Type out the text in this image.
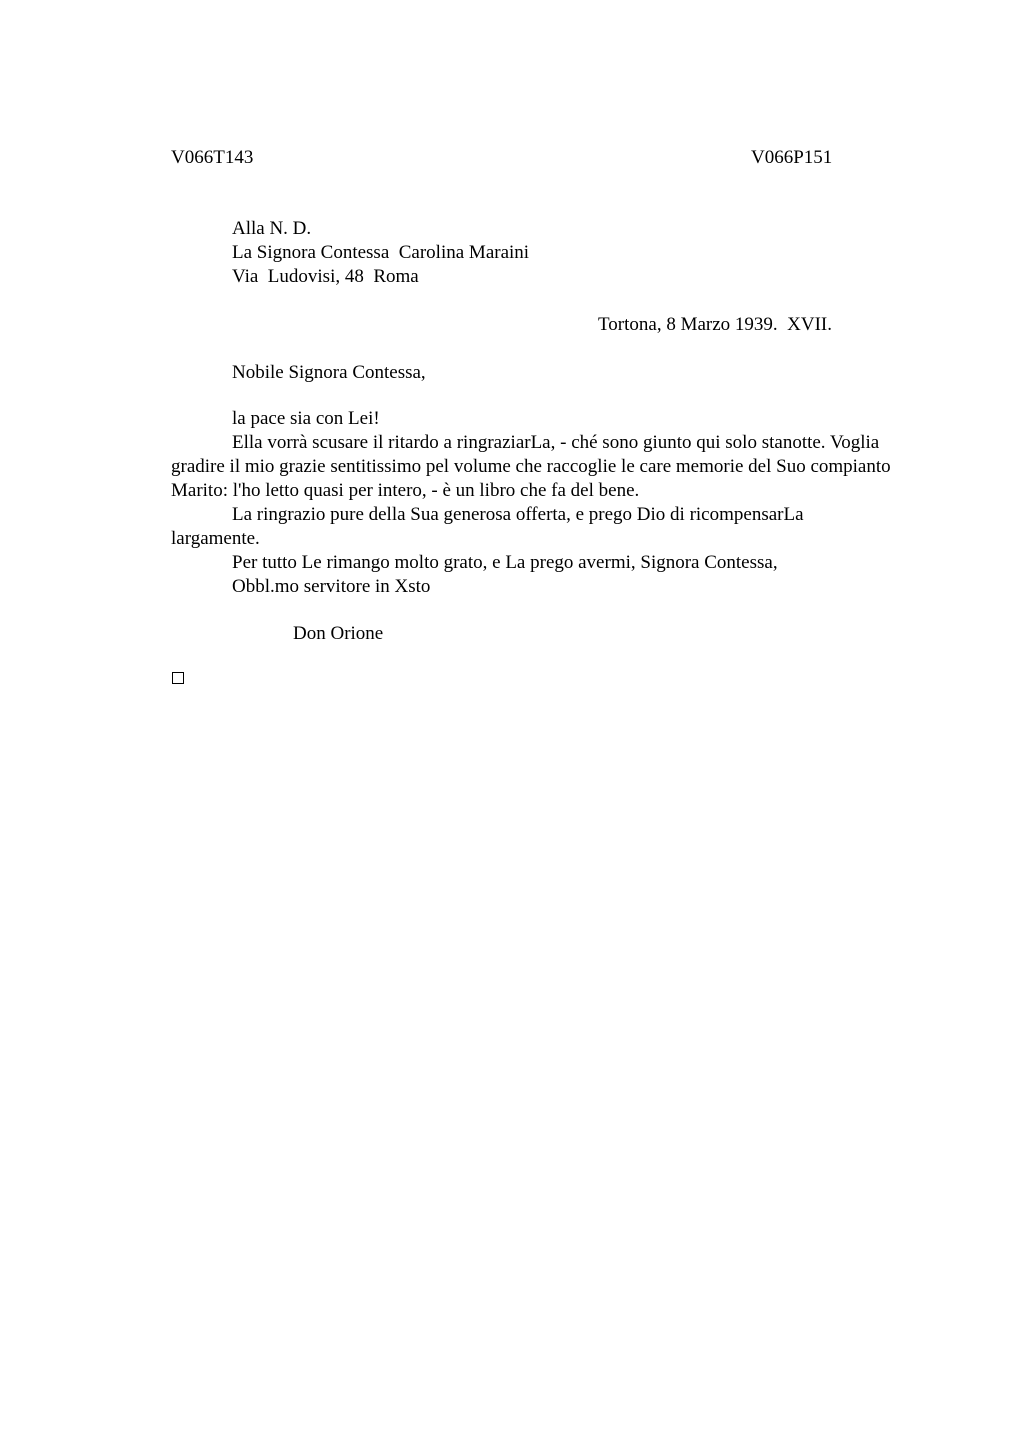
V066T143	V066P151
Alla N. D.
La Signora Contessa  Carolina Maraini
Via  Ludovisi, 48  Roma
Tortona, 8 Marzo 1939.  XVII.
Nobile Signora Contessa,
la pace sia con Lei!
Ella vorrà scusare il ritardo a ringraziarLa, - ché sono giunto qui solo stanotte. Voglia gradire il mio grazie sentitissimo pel volume che raccoglie le care memorie del Suo compianto Marito: l'ho letto quasi per intero, - è un libro che fa del bene.
La ringrazio pure della Sua generosa offerta, e prego Dio di ricompensarLa largamente.
Per tutto Le rimango molto grato, e La prego avermi, Signora Contessa,
Obbl.mo servitore in Xsto
Don Orione
